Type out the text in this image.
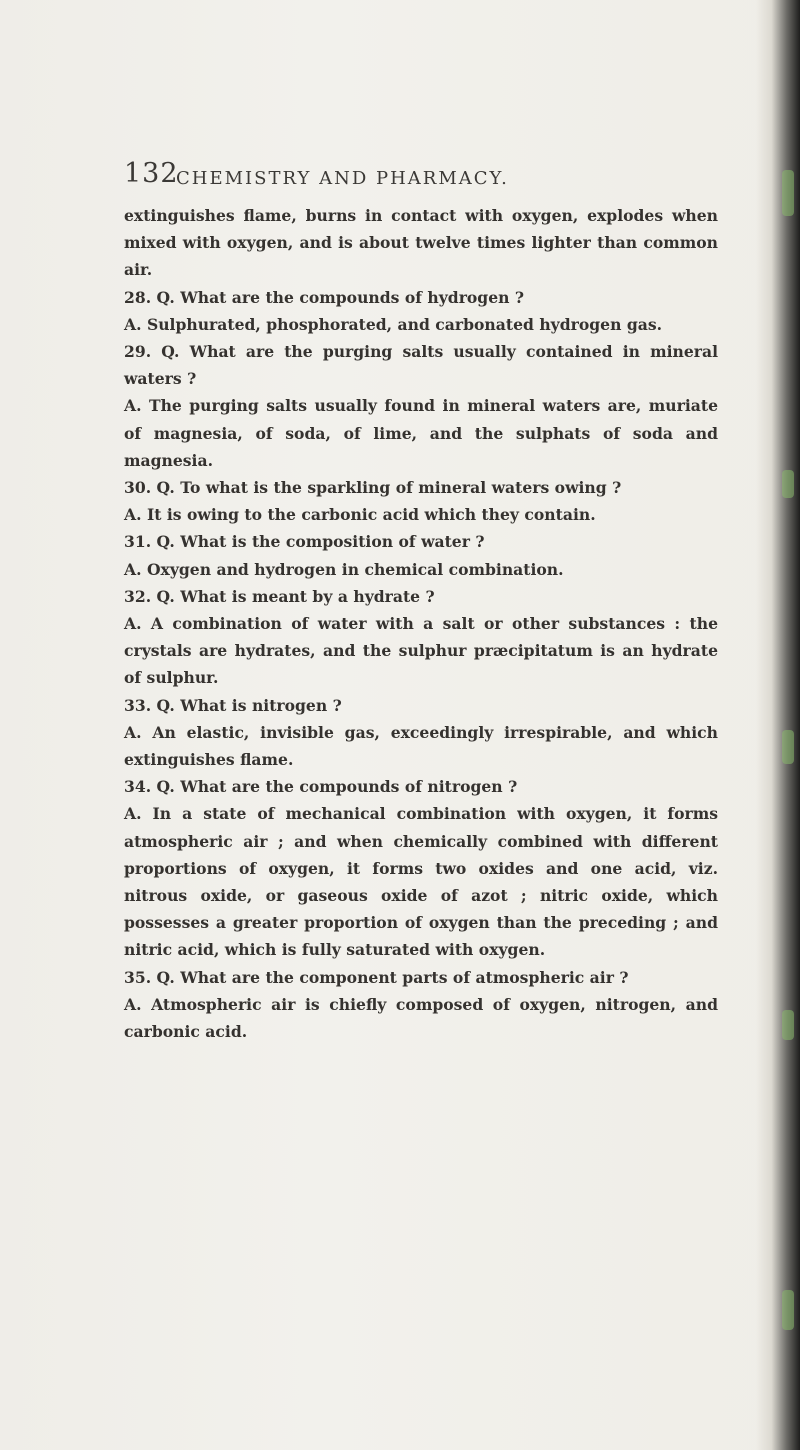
132
CHEMISTRY AND PHARMACY.

extinguishes flame, burns in contact with oxygen, explodes when mixed with oxygen, and is about twelve times lighter than common air.

28. Q. What are the compounds of hydrogen ?

A. Sulphurated, phosphorated, and carbonated hydrogen gas.

29. Q. What are the purging salts usually contained in mineral waters ?

A. The purging salts usually found in mineral waters are, muriate of magnesia, of soda, of lime, and the sulphats of soda and magnesia.

30. Q. To what is the sparkling of mineral waters owing ?

A. It is owing to the carbonic acid which they contain.

31. Q. What is the composition of water ?

A. Oxygen and hydrogen in chemical combination.

32. Q. What is meant by a hydrate ?

A. A combination of water with a salt or other substances : the crystals are hydrates, and the sulphur præcipitatum is an hydrate of sulphur.

33. Q. What is nitrogen ?

A. An elastic, invisible gas, exceedingly irrespirable, and which extinguishes flame.

34. Q. What are the compounds of nitrogen ?

A. In a state of mechanical combination with oxygen, it forms atmospheric air ; and when chemically combined with different proportions of oxygen, it forms two oxides and one acid, viz. nitrous oxide, or gaseous oxide of azot ; nitric oxide, which possesses a greater proportion of oxygen than the preceding ; and nitric acid, which is fully saturated with oxygen.

35. Q. What are the component parts of atmospheric air ?

A. Atmospheric air is chiefly composed of oxygen, nitrogen, and carbonic acid.
